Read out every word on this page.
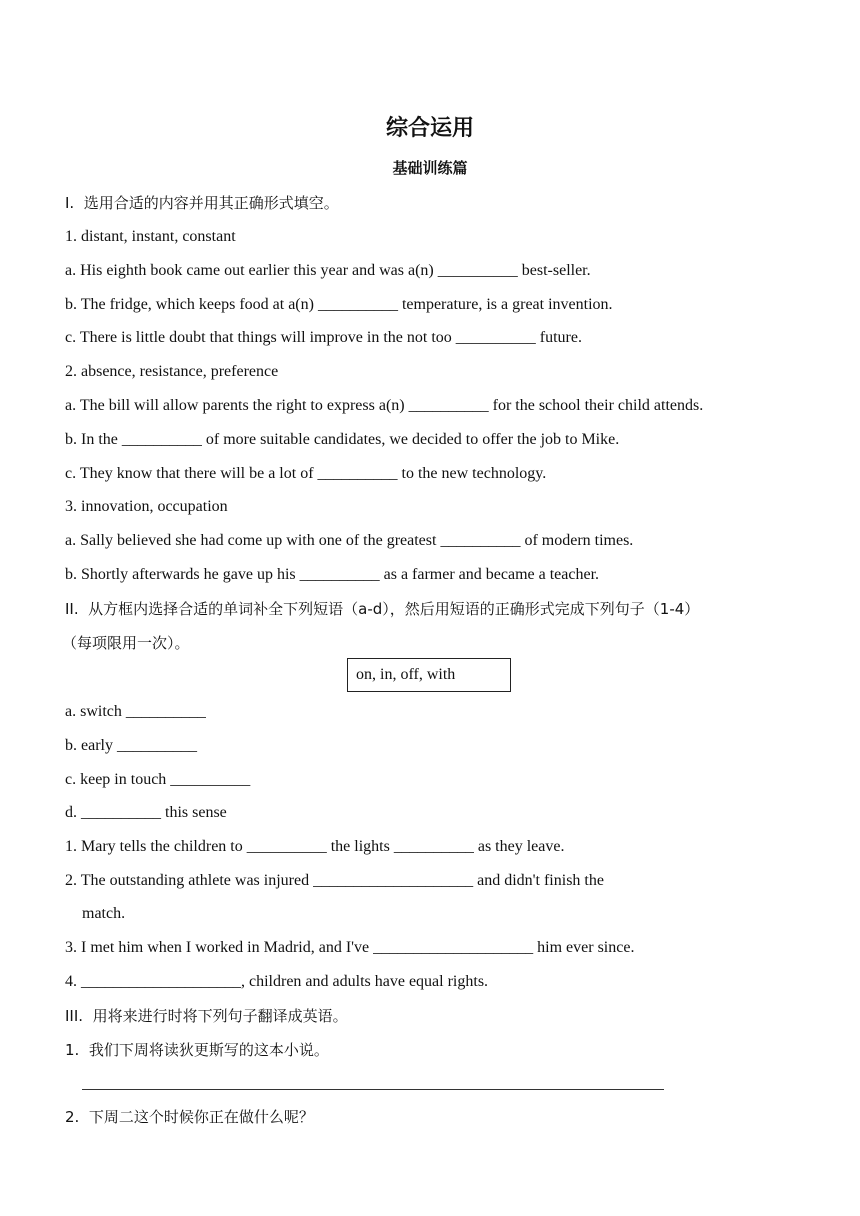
综合运用
基础训练篇
I.  选用合适的内容并用其正确形式填空。
1. distant, instant, constant
a. His eighth book came out earlier this year and was a(n) __________ best-seller.
b. The fridge, which keeps food at a(n) __________ temperature, is a great invention.
c. There is little doubt that things will improve in the not too __________ future.
2. absence, resistance, preference
a. The bill will allow parents the right to express a(n) __________ for the school their child attends.
b. In the __________ of more suitable candidates, we decided to offer the job to Mike.
c. They know that there will be a lot of __________ to the new technology.
3. innovation, occupation
a. Sally believed she had come up with one of the greatest __________ of modern times.
b. Shortly afterwards he gave up his __________ as a farmer and became a teacher.
II.  从方框内选择合适的单词补全下列短语（a-d），然后用短语的正确形式完成下列句子（1-4）
（每项限用一次）。
on, in, off, with
a. switch __________
b. early __________
c. keep in touch __________
d. __________ this sense
1. Mary tells the children to __________ the lights __________ as they leave.
2. The outstanding athlete was injured ____________________ and didn't finish the
match.
3. I met him when I worked in Madrid, and I've ____________________ him ever since.
4. ____________________, children and adults have equal rights.
III.  用将来进行时将下列句子翻译成英语。
1.  我们下周将读狄更斯写的这本小说。
2.  下周二这个时候你正在做什么呢？
